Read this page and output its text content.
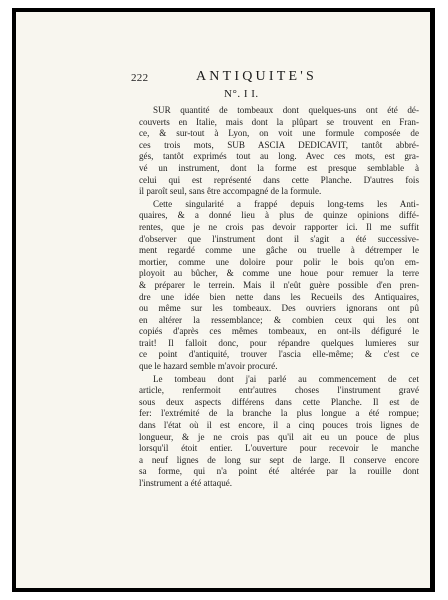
222	ANTIQUITE'S
N°. I I.
SUR quantité de tombeaux dont quelques-uns ont été dé-
couverts en Italie, mais dont la plûpart se trouvent en Fran-
ce, & sur-tout à Lyon, on voit une formule composée de
ces trois mots, SUB ASCIA DEDICAVIT, tantôt abbré-
gés, tantôt exprimés tout au long. Avec ces mots, est gra-
vé un instrument, dont la forme est presque semblable à
celui qui est représenté dans cette Planche. D'autres fois
il paroît seul, sans être accompagné de la formule.
Cette singularité a frappé depuis long-tems les Anti-
quaires, & a donné lieu à plus de quinze opinions diffé-
rentes, que je ne crois pas devoir rapporter ici. Il me suffit
d'observer que l'instrument dont il s'agit a été successive-
ment regardé comme une gâche ou truelle à détremper le
mortier, comme une doloire pour polir le bois qu'on em-
ployoit au bûcher, & comme une houe pour remuer la terre
& préparer le terrein. Mais il n'eût guère possible d'en pren-
dre une idée bien nette dans les Recueils des Antiquaires,
ou même sur les tombeaux. Des ouvriers ignorans ont pû
en altérer la ressemblance; & combien ceux qui les ont
copiés d'après ces mêmes tombeaux, en ont-ils défiguré le
trait! Il falloit donc, pour répandre quelques lumieres sur
ce point d'antiquité, trouver l'ascia elle-même; & c'est ce
que le hazard semble m'avoir procuré.
Le tombeau dont j'ai parlé au commencement de cet
article, renfermoit entr'autres choses l'instrument gravé
sous deux aspects différens dans cette Planche. Il est de
fer: l'extrémité de la branche la plus longue a été rompue;
dans l'état où il est encore, il a cinq pouces trois lignes de
longueur, & je ne crois pas qu'il ait eu un pouce de plus
lorsqu'il étoit entier. L'ouverture pour recevoir le manche
a neuf lignes de long sur sept de large. Il conserve encore
sa forme, qui n'a point été altérée par la rouille dont
l'instrument a été attaqué.
